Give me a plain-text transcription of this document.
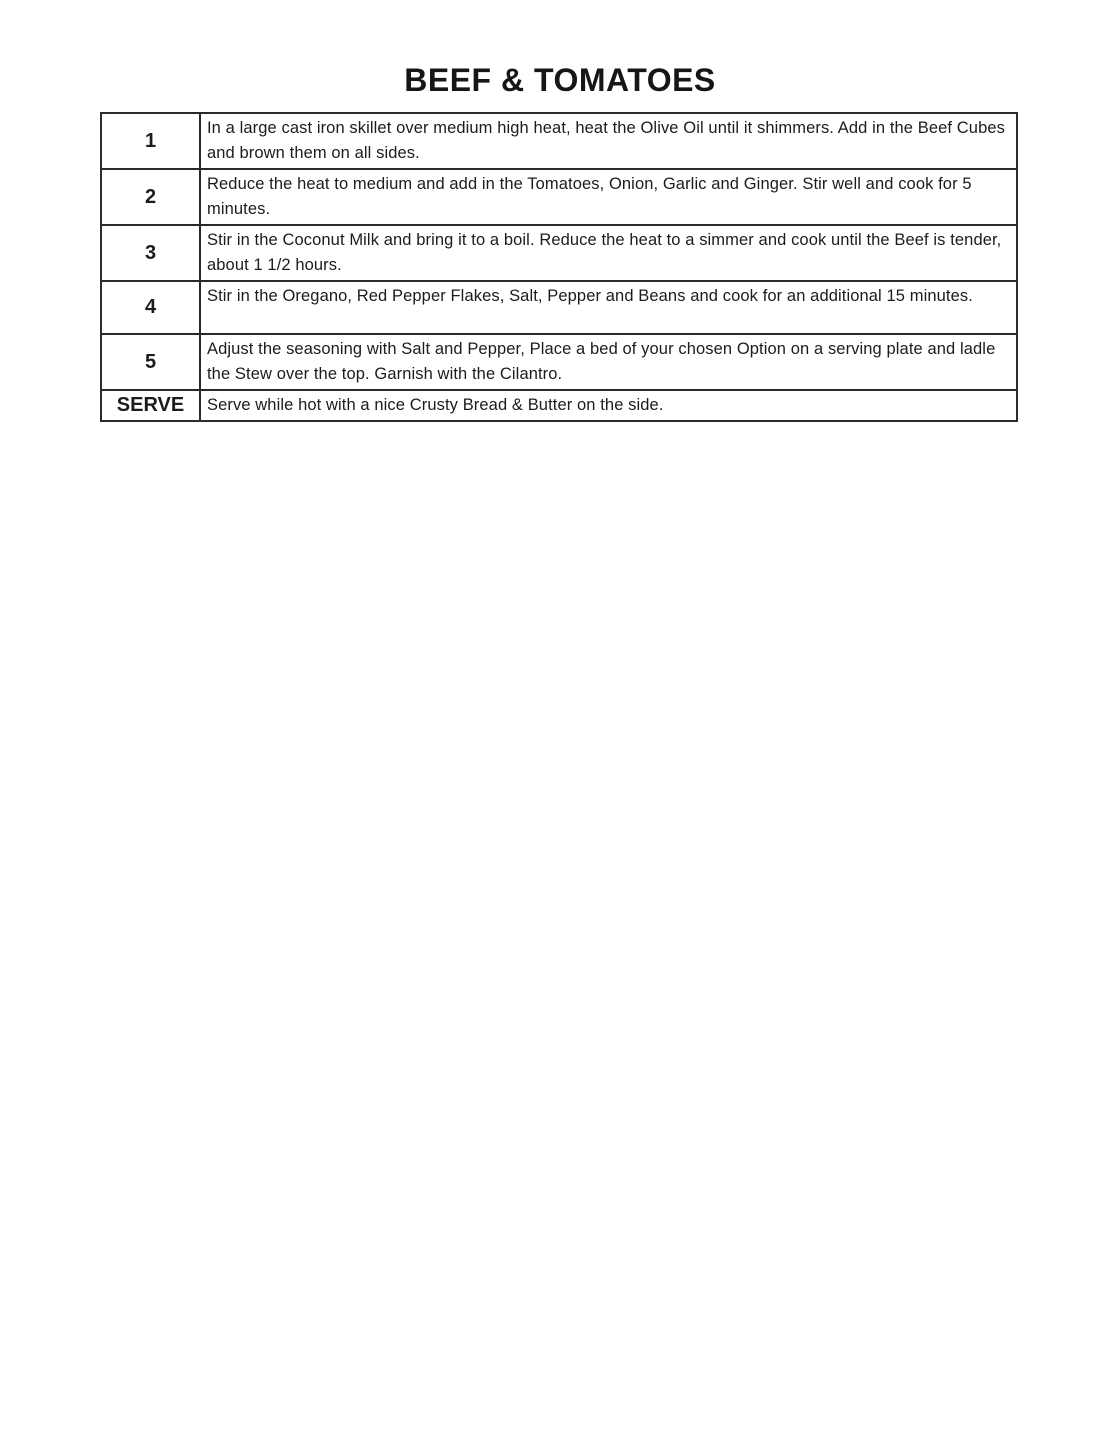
BEEF & TOMATOES
1	In a large cast iron skillet over medium high heat, heat the Olive Oil until it shimmers. Add in the Beef Cubes and brown them on all sides.
2	Reduce the heat to medium and add in the Tomatoes, Onion, Garlic and Ginger. Stir well and cook for 5 minutes.
3	Stir in the Coconut Milk and bring it to a boil. Reduce the heat to a simmer and cook until the Beef is tender, about 1 1/2 hours.
4	Stir in the Oregano, Red Pepper Flakes, Salt, Pepper and Beans and cook for an additional 15 minutes.
5	Adjust the seasoning with Salt and Pepper, Place a bed of your chosen Option on a serving plate and ladle the Stew over the top. Garnish with the Cilantro.
SERVE	Serve while hot with a nice Crusty Bread & Butter on the side.
